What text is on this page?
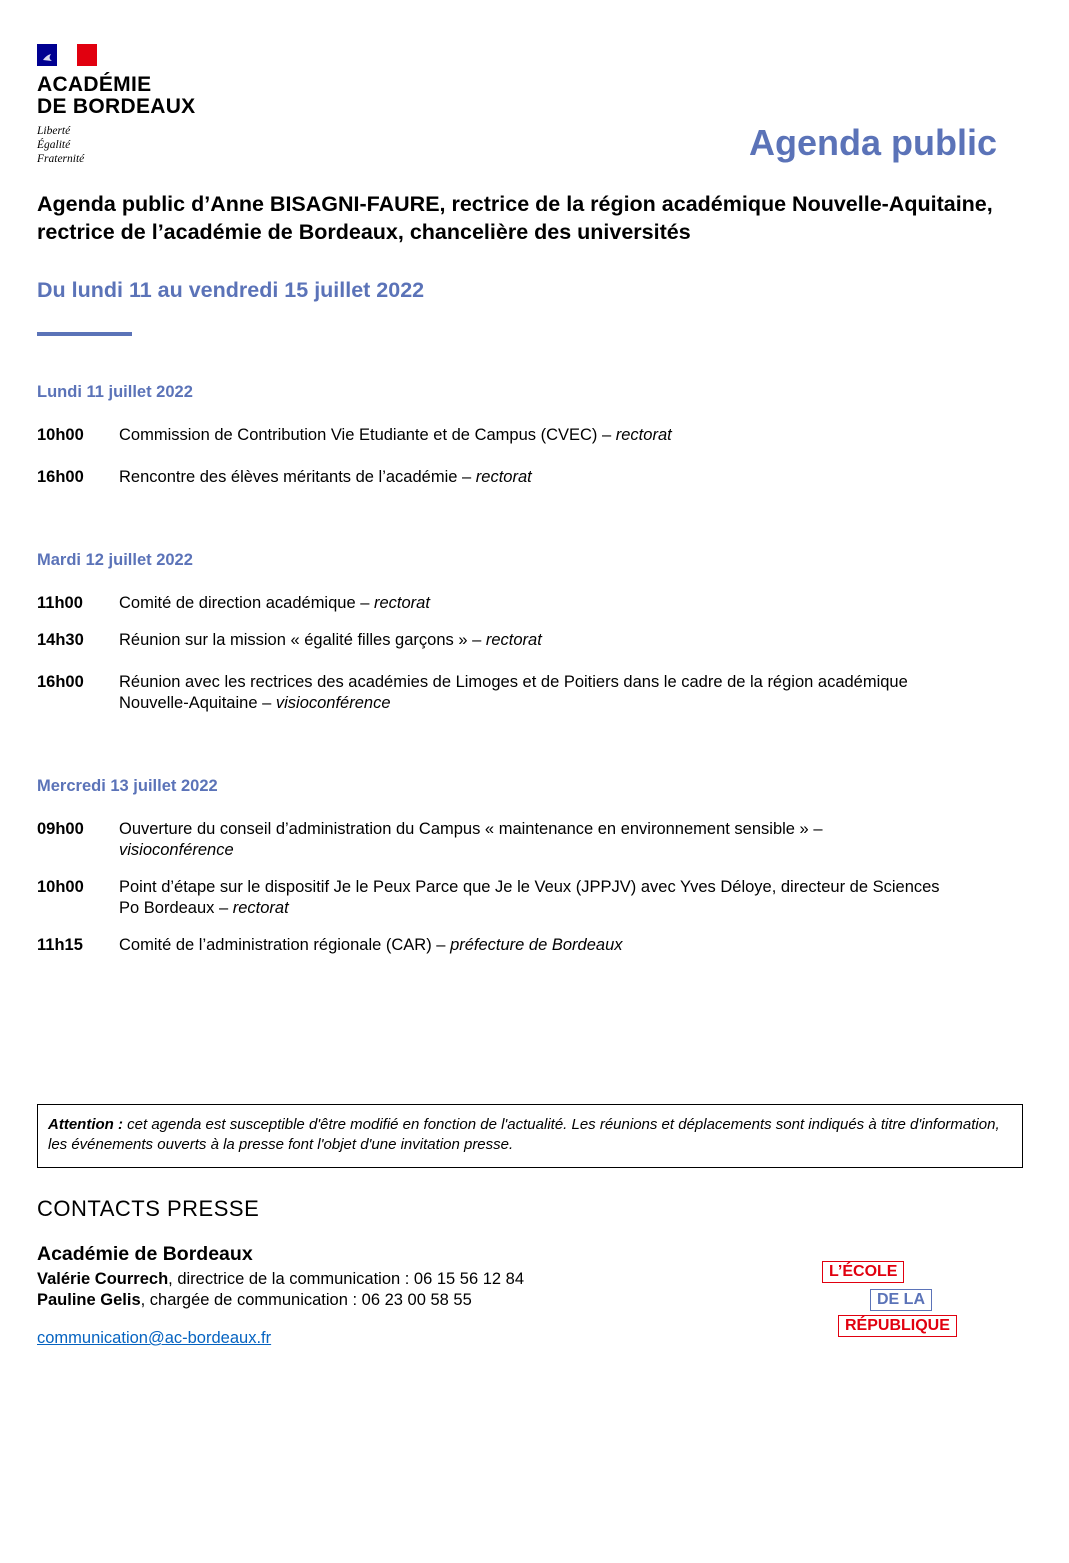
ACADÉMIE
DE BORDEAUX
Liberté
Égalité
Fraternité	Agenda public
Agenda public d’Anne BISAGNI-FAURE, rectrice de la région académique Nouvelle-Aquitaine, rectrice de l’académie de Bordeaux, chancelière des universités
Du lundi 11 au vendredi 15 juillet 2022
Lundi 11 juillet 2022
10h00	Commission de Contribution Vie Etudiante et de Campus (CVEC) – rectorat
16h00	Rencontre des élèves méritants de l’académie – rectorat
Mardi 12 juillet 2022
11h00	Comité de direction académique – rectorat
14h30	Réunion sur la mission « égalité filles garçons » – rectorat
16h00	Réunion avec les rectrices des académies de Limoges et de Poitiers dans le cadre de la région académique Nouvelle-Aquitaine – visioconférence
Mercredi 13 juillet 2022
09h00	Ouverture du conseil d’administration du Campus « maintenance en environnement sensible » – visioconférence
10h00	Point d’étape sur le dispositif Je le Peux Parce que Je le Veux (JPPJV) avec Yves Déloye, directeur de Sciences Po Bordeaux – rectorat
11h15	Comité de l’administration régionale (CAR) – préfecture de Bordeaux
Attention : cet agenda est susceptible d'être modifié en fonction de l'actualité. Les réunions et déplacements sont indiqués à titre d'information, les événements ouverts à la presse font l'objet d'une invitation presse.
CONTACTS PRESSE
Académie de Bordeaux
Valérie Courrech, directrice de la communication : 06 15 56 12 84
Pauline Gelis, chargée de communication : 06 23 00 58 55
communication@ac-bordeaux.fr
L’ÉCOLE
DE LA
RÉPUBLIQUE
